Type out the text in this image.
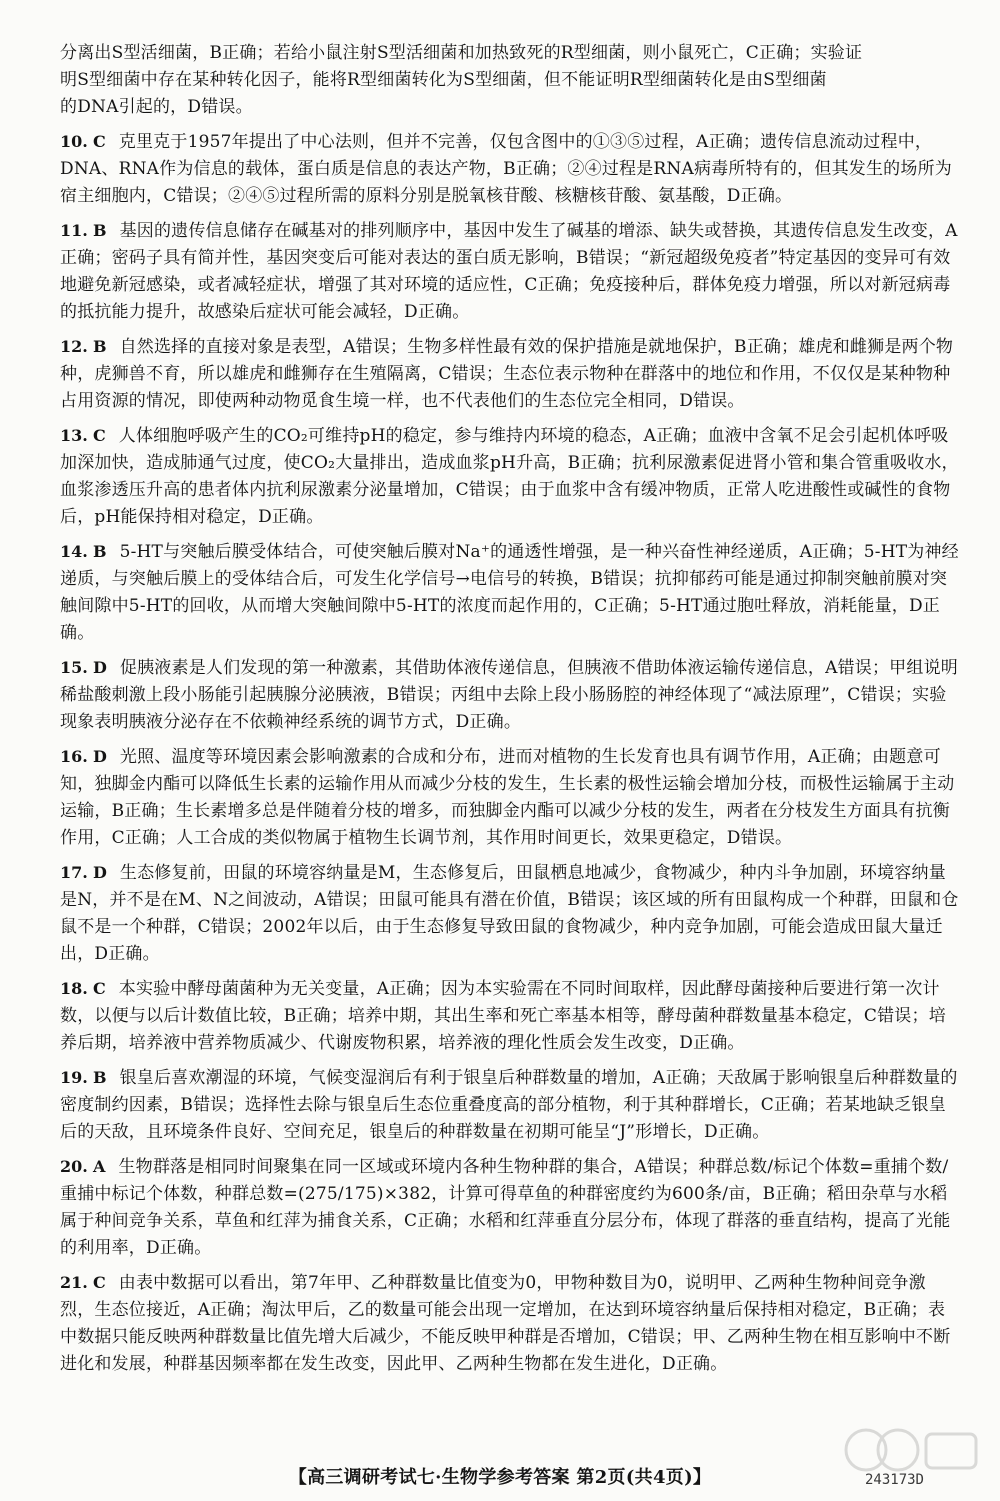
分离出S型活细菌，B正确；若给小鼠注射S型活细菌和加热致死的R型细菌，则小鼠死亡，C正确；实验证

明S型细菌中存在某种转化因子，能将R型细菌转化为S型细菌，但不能证明R型细菌转化是由S型细菌

的DNA引起的，D错误。

10. C 克里克于1957年提出了中心法则，但并不完善，仅包含图中的①③⑤过程，A正确；遗传信息流动过程中，DNA、RNA作为信息的载体，蛋白质是信息的表达产物，B正确；②④过程是RNA病毒所特有的，但其发生的场所为宿主细胞内，C错误；②④⑤过程所需的原料分别是脱氧核苷酸、核糖核苷酸、氨基酸，D正确。
11. B 基因的遗传信息储存在碱基对的排列顺序中，基因中发生了碱基的增添、缺失或替换，其遗传信息发生改变，A正确；密码子具有简并性，基因突变后可能对表达的蛋白质无影响，B错误；“新冠超级免疫者”特定基因的变异可有效地避免新冠感染，或者减轻症状，增强了其对环境的适应性，C正确；免疫接种后，群体免疫力增强，所以对新冠病毒的抵抗能力提升，故感染后症状可能会减轻，D正确。
12. B 自然选择的直接对象是表型，A错误；生物多样性最有效的保护措施是就地保护，B正确；雄虎和雌狮是两个物种，虎狮兽不育，所以雄虎和雌狮存在生殖隔离，C错误；生态位表示物种在群落中的地位和作用，不仅仅是某种物种占用资源的情况，即使两种动物觅食生境一样，也不代表他们的生态位完全相同，D错误。
13. C 人体细胞呼吸产生的CO₂可维持pH的稳定，参与维持内环境的稳态，A正确；血液中含氧不足会引起机体呼吸加深加快，造成肺通气过度，使CO₂大量排出，造成血浆pH升高，B正确；抗利尿激素促进肾小管和集合管重吸收水，血浆渗透压升高的患者体内抗利尿激素分泌量增加，C错误；由于血浆中含有缓冲物质，正常人吃进酸性或碱性的食物后，pH能保持相对稳定，D正确。
14. B 5-HT与突触后膜受体结合，可使突触后膜对Na⁺的通透性增强，是一种兴奋性神经递质，A正确；5-HT为神经递质，与突触后膜上的受体结合后，可发生化学信号→电信号的转换，B错误；抗抑郁药可能是通过抑制突触前膜对突触间隙中5-HT的回收，从而增大突触间隙中5-HT的浓度而起作用的，C正确；5-HT通过胞吐释放，消耗能量，D正确。
15. D 促胰液素是人们发现的第一种激素，其借助体液传递信息，但胰液不借助体液运输传递信息，A错误；甲组说明稀盐酸刺激上段小肠能引起胰腺分泌胰液，B错误；丙组中去除上段小肠肠腔的神经体现了“减法原理”，C错误；实验现象表明胰液分泌存在不依赖神经系统的调节方式，D正确。
16. D 光照、温度等环境因素会影响激素的合成和分布，进而对植物的生长发育也具有调节作用，A正确；由题意可知，独脚金内酯可以降低生长素的运输作用从而减少分枝的发生，生长素的极性运输会增加分枝，而极性运输属于主动运输，B正确；生长素增多总是伴随着分枝的增多，而独脚金内酯可以减少分枝的发生，两者在分枝发生方面具有抗衡作用，C正确；人工合成的类似物属于植物生长调节剂，其作用时间更长，效果更稳定，D错误。
17. D 生态修复前，田鼠的环境容纳量是M，生态修复后，田鼠栖息地减少，食物减少，种内斗争加剧，环境容纳量是N，并不是在M、N之间波动，A错误；田鼠可能具有潜在价值，B错误；该区域的所有田鼠构成一个种群，田鼠和仓鼠不是一个种群，C错误；2002年以后，由于生态修复导致田鼠的食物减少，种内竞争加剧，可能会造成田鼠大量迁出，D正确。
18. C 本实验中酵母菌菌种为无关变量，A正确；因为本实验需在不同时间取样，因此酵母菌接种后要进行第一次计数，以便与以后计数值比较，B正确；培养中期，其出生率和死亡率基本相等，酵母菌种群数量基本稳定，C错误；培养后期，培养液中营养物质减少、代谢废物积累，培养液的理化性质会发生改变，D正确。
19. B 银皇后喜欢潮湿的环境，气候变湿润后有利于银皇后种群数量的增加，A正确；天敌属于影响银皇后种群数量的密度制约因素，B错误；选择性去除与银皇后生态位重叠度高的部分植物，利于其种群增长，C正确；若某地缺乏银皇后的天敌，且环境条件良好、空间充足，银皇后的种群数量在初期可能呈“J”形增长，D正确。
20. A 生物群落是相同时间聚集在同一区域或环境内各种生物种群的集合，A错误；种群总数/标记个体数=重捕个数/重捕中标记个体数，种群总数=(275/175)×382，计算可得草鱼的种群密度约为600条/亩，B正确；稻田杂草与水稻属于种间竞争关系，草鱼和红萍为捕食关系，C正确；水稻和红萍垂直分层分布，体现了群落的垂直结构，提高了光能的利用率，D正确。
21. C 由表中数据可以看出，第7年甲、乙种群数量比值变为0，甲物种数目为0，说明甲、乙两种生物种间竞争激烈，生态位接近，A正确；淘汰甲后，乙的数量可能会出现一定增加，在达到环境容纳量后保持相对稳定，B正确；表中数据只能反映两种群数量比值先增大后减少，不能反映甲种群是否增加，C错误；甲、乙两种生物在相互影响中不断进化和发展，种群基因频率都在发生改变，因此甲、乙两种生物都在发生进化，D正确。
【高三调研考试七·生物学参考答案 第2页(共4页)】	243173D
